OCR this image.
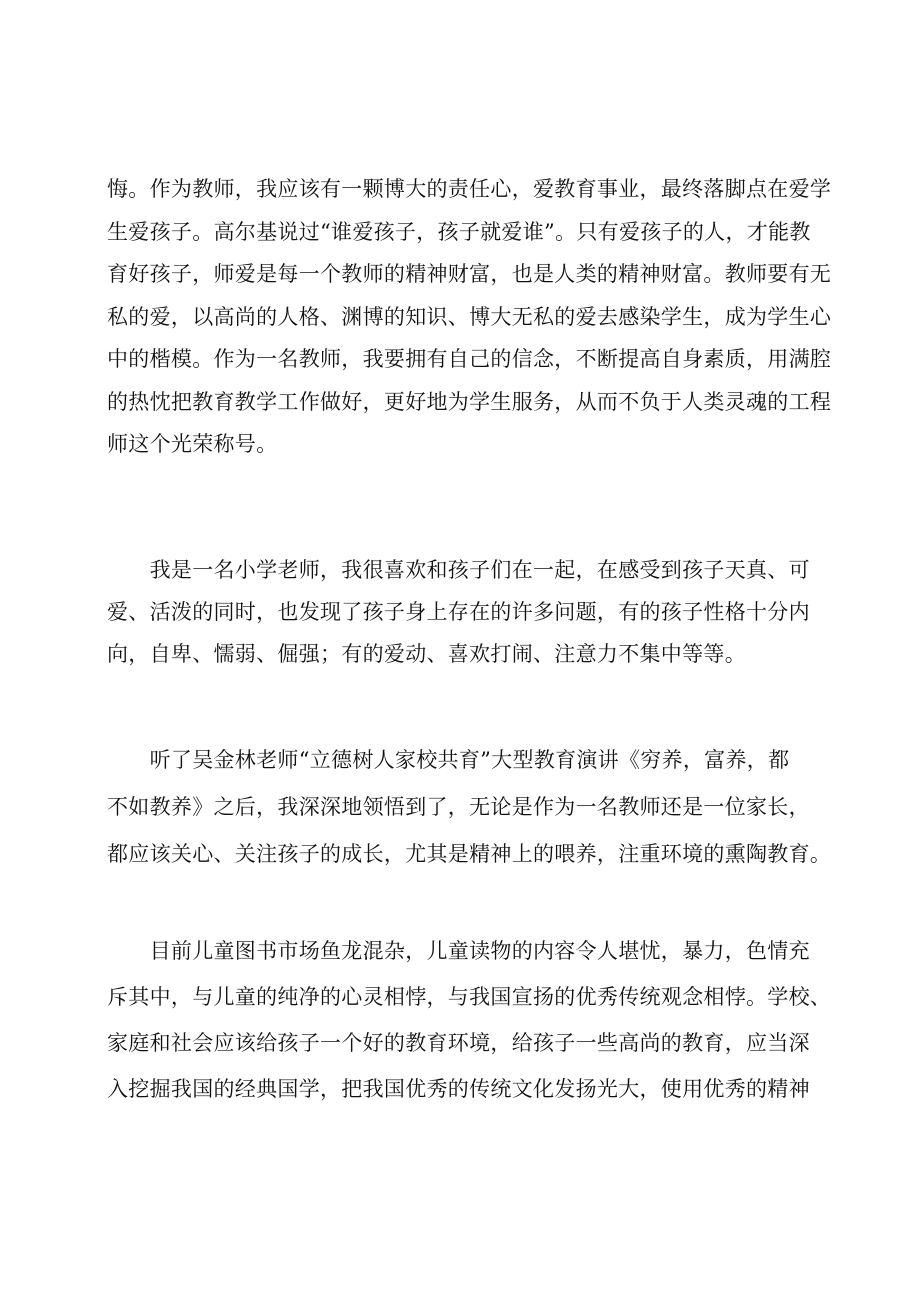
悔。作为教师，我应该有一颗博大的责任心，爱教育事业，最终落脚点在爱学
生爱孩子。高尔基说过“谁爱孩子，孩子就爱谁”。只有爱孩子的人，才能教
育好孩子，师爱是每一个教师的精神财富，也是人类的精神财富。教师要有无
私的爱，以高尚的人格、渊博的知识、博大无私的爱去感染学生，成为学生心
中的楷模。作为一名教师，我要拥有自己的信念，不断提高自身素质，用满腔
的热忱把教育教学工作做好，更好地为学生服务，从而不负于人类灵魂的工程
师这个光荣称号。
　　我是一名小学老师，我很喜欢和孩子们在一起，在感受到孩子天真、可
爱、活泼的同时，也发现了孩子身上存在的许多问题，有的孩子性格十分内
向，自卑、懦弱、倔强；有的爱动、喜欢打闹、注意力不集中等等。
　　听了吴金林老师“立德树人家校共育”大型教育演讲《穷养，富养，都
不如教养》之后，我深深地领悟到了，无论是作为一名教师还是一位家长，
都应该关心、关注孩子的成长，尤其是精神上的喂养，注重环境的熏陶教育。
　　目前儿童图书市场鱼龙混杂，儿童读物的内容令人堪忧，暴力，色情充
斥其中，与儿童的纯净的心灵相悖，与我国宣扬的优秀传统观念相悖。学校、
家庭和社会应该给孩子一个好的教育环境，给孩子一些高尚的教育，应当深
入挖掘我国的经典国学，把我国优秀的传统文化发扬光大，使用优秀的精神
